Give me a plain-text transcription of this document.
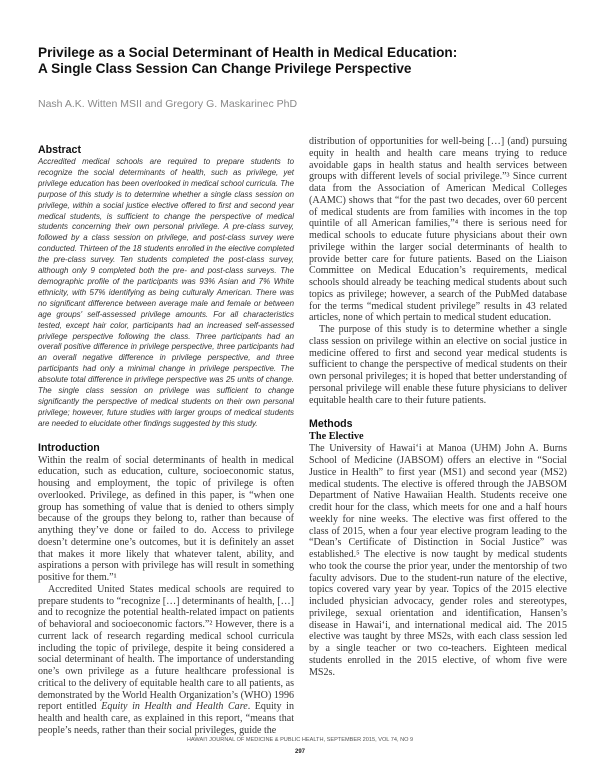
Privilege as a Social Determinant of Health in Medical Education:
A Single Class Session Can Change Privilege Perspective
Nash A.K. Witten MSII and Gregory G. Maskarinec PhD
Abstract

Accredited medical schools are required to prepare students to recognize the social determinants of health, such as privilege, yet privilege education has been overlooked in medical school curricula. The purpose of this study is to determine whether a single class session on privilege, within a social justice elective offered to first and second year medical students, is sufficient to change the perspective of medical students concerning their own personal privilege. A pre-class survey, followed by a class session on privilege, and post-class survey were conducted. Thirteen of the 18 students enrolled in the elective completed the pre-class survey. Ten students completed the post-class survey, although only 9 completed both the pre- and post-class surveys. The demographic profile of the participants was 93% Asian and 7% White ethnicity, with 57% identifying as being culturally American. There was no significant difference between average male and female or between age groups' self-assessed privilege amounts. For all characteristics tested, except hair color, participants had an increased self-assessed privilege perspective following the class. Three participants had an overall positive difference in privilege perspective, three participants had an overall negative difference in privilege perspective, and three participants had only a minimal change in privilege perspective. The absolute total difference in privilege perspective was 25 units of change. The single class session on privilege was sufficient to change significantly the perspective of medical students on their own personal privilege; however, future studies with larger groups of medical students are needed to elucidate other findings suggested by this study.

Introduction

Within the realm of social determinants of health in medical education, such as education, culture, socioeconomic status, housing and employment, the topic of privilege is often overlooked. Privilege, as defined in this paper, is “when one group has something of value that is denied to others simply because of the groups they belong to, rather than because of anything they’ve done or failed to do. Access to privilege doesn’t determine one’s outcomes, but it is definitely an asset that makes it more likely that whatever talent, ability, and aspirations a person with privilege has will result in something positive for them.”¹

Accredited United States medical schools are required to prepare students to “recognize […] determinants of health, […] and to recognize the potential health-related impact on patients of behavioral and socioeconomic factors.”² However, there is a current lack of research regarding medical school curricula including the topic of privilege, despite it being considered a social determinant of health. The importance of understanding one’s own privilege as a future healthcare professional is critical to the delivery of equitable health care to all patients, as demonstrated by the World Health Organization’s (WHO) 1996 report entitled Equity in Health and Health Care. Equity in health and health care, as explained in this report, “means that people’s needs, rather than their social privileges, guide the

distribution of opportunities for well-being […] (and) pursuing equity in health and health care means trying to reduce avoidable gaps in health status and health services between groups with different levels of social privilege.”³ Since current data from the Association of American Medical Colleges (AAMC) shows that “for the past two decades, over 60 percent of medical students are from families with incomes in the top quintile of all American families,”⁴ there is serious need for medical schools to educate future physicians about their own privilege within the larger social determinants of health to provide better care for future patients. Based on the Liaison Committee on Medical Education’s requirements, medical schools should already be teaching medical students about such topics as privilege; however, a search of the PubMed database for the terms “medical student privilege” results in 43 related articles, none of which pertain to medical student education.

The purpose of this study is to determine whether a single class session on privilege within an elective on social justice in medicine offered to first and second year medical students is sufficient to change the perspective of medical students on their own personal privileges; it is hoped that better understanding of personal privilege will enable these future physicians to deliver equitable health care to their future patients.

Methods
The Elective

The University of Hawai‘i at Manoa (UHM) John A. Burns School of Medicine (JABSOM) offers an elective in “Social Justice in Health” to first year (MS1) and second year (MS2) medical students. The elective is offered through the JABSOM Department of Native Hawaiian Health. Students receive one credit hour for the class, which meets for one and a half hours weekly for nine weeks. The elective was first offered to the class of 2015, when a four year elective program leading to the “Dean’s Certificate of Distinction in Social Justice” was established.⁵ The elective is now taught by medical students who took the course the prior year, under the mentorship of two faculty advisors. Due to the student-run nature of the elective, topics covered vary year by year. Topics of the 2015 elective included physician advocacy, gender roles and stereotypes, privilege, sexual orientation and identification, Hansen’s disease in Hawai‘i, and international medical aid. The 2015 elective was taught by three MS2s, with each class session led by a single teacher or two co-teachers. Eighteen medical students enrolled in the 2015 elective, of whom five were MS2s.

HAWAI‘I JOURNAL OF MEDICINE & PUBLIC HEALTH, SEPTEMBER 2015, VOL 74, NO 9
297
